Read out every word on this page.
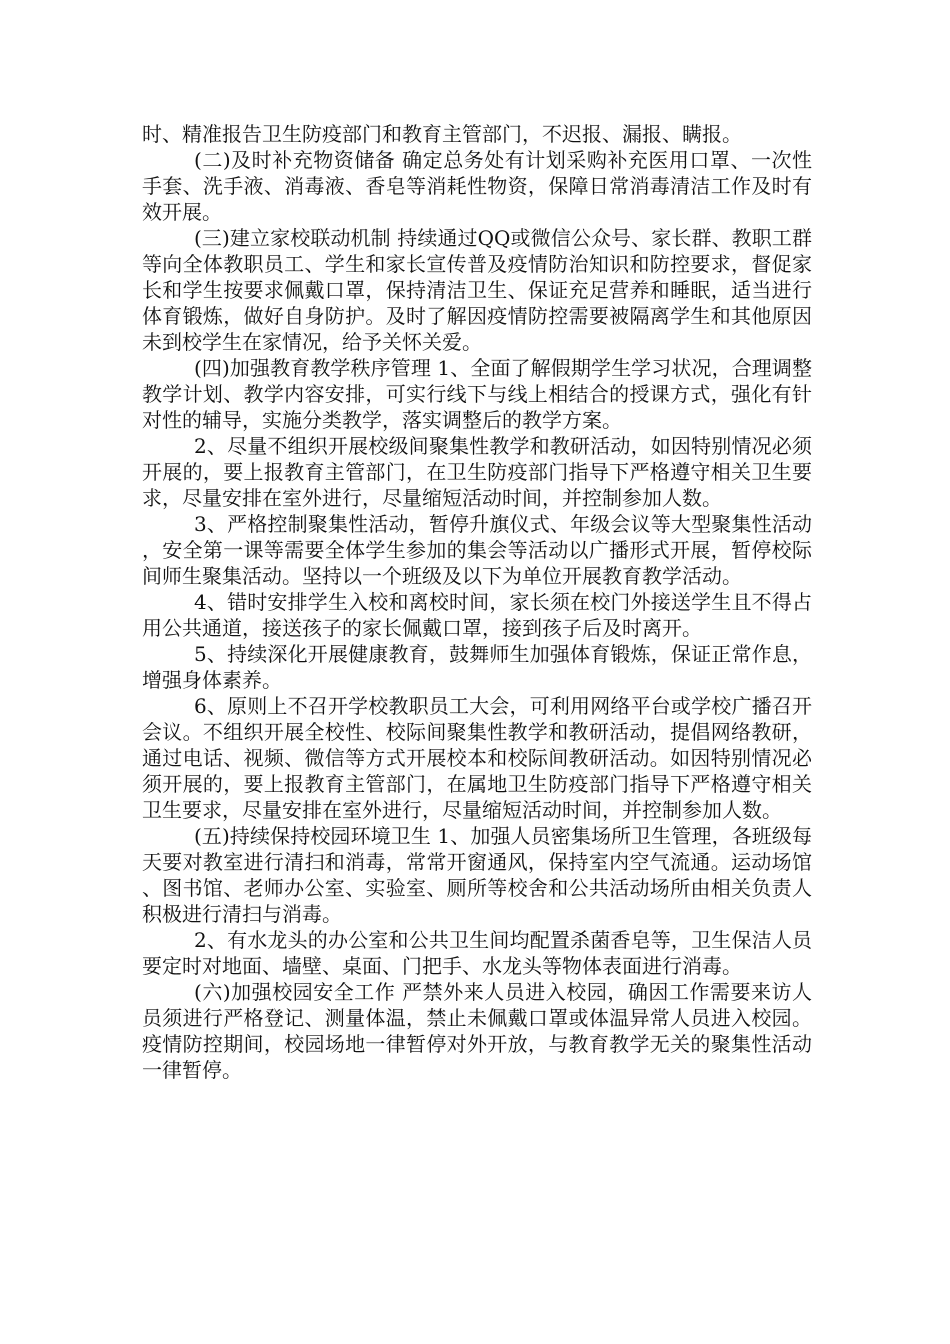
时、精准报告卫生防疫部门和教育主管部门，不迟报、漏报、瞒报。

(二)及时补充物资储备 确定总务处有计划采购补充医用口罩、一次性手套、洗手液、消毒液、香皂等消耗性物资，保障日常消毒清洁工作及时有效开展。

(三)建立家校联动机制 持续通过QQ或微信公众号、家长群、教职工群等向全体教职员工、学生和家长宣传普及疫情防治知识和防控要求，督促家长和学生按要求佩戴口罩，保持清洁卫生、保证充足营养和睡眠，适当进行体育锻炼，做好自身防护。及时了解因疫情防控需要被隔离学生和其他原因未到校学生在家情况，给予关怀关爱。

(四)加强教育教学秩序管理 1、全面了解假期学生学习状况，合理调整教学计划、教学内容安排，可实行线下与线上相结合的授课方式，强化有针对性的辅导，实施分类教学，落实调整后的教学方案。

2、尽量不组织开展校级间聚集性教学和教研活动，如因特别情况必须开展的，要上报教育主管部门，在卫生防疫部门指导下严格遵守相关卫生要求，尽量安排在室外进行，尽量缩短活动时间，并控制参加人数。

3、严格控制聚集性活动，暂停升旗仪式、年级会议等大型聚集性活动，安全第一课等需要全体学生参加的集会等活动以广播形式开展，暂停校际间师生聚集活动。坚持以一个班级及以下为单位开展教育教学活动。

4、错时安排学生入校和离校时间，家长须在校门外接送学生且不得占用公共通道，接送孩子的家长佩戴口罩，接到孩子后及时离开。

5、持续深化开展健康教育，鼓舞师生加强体育锻炼，保证正常作息，增强身体素养。

6、原则上不召开学校教职员工大会，可利用网络平台或学校广播召开会议。不组织开展全校性、校际间聚集性教学和教研活动，提倡网络教研，通过电话、视频、微信等方式开展校本和校际间教研活动。如因特别情况必须开展的，要上报教育主管部门，在属地卫生防疫部门指导下严格遵守相关卫生要求，尽量安排在室外进行，尽量缩短活动时间，并控制参加人数。

(五)持续保持校园环境卫生 1、加强人员密集场所卫生管理，各班级每天要对教室进行清扫和消毒，常常开窗通风，保持室内空气流通。运动场馆、图书馆、老师办公室、实验室、厕所等校舍和公共活动场所由相关负责人积极进行清扫与消毒。

2、有水龙头的办公室和公共卫生间均配置杀菌香皂等，卫生保洁人员要定时对地面、墙壁、桌面、门把手、水龙头等物体表面进行消毒。

(六)加强校园安全工作 严禁外来人员进入校园，确因工作需要来访人员须进行严格登记、测量体温，禁止未佩戴口罩或体温异常人员进入校园。疫情防控期间，校园场地一律暂停对外开放，与教育教学无关的聚集性活动一律暂停。
